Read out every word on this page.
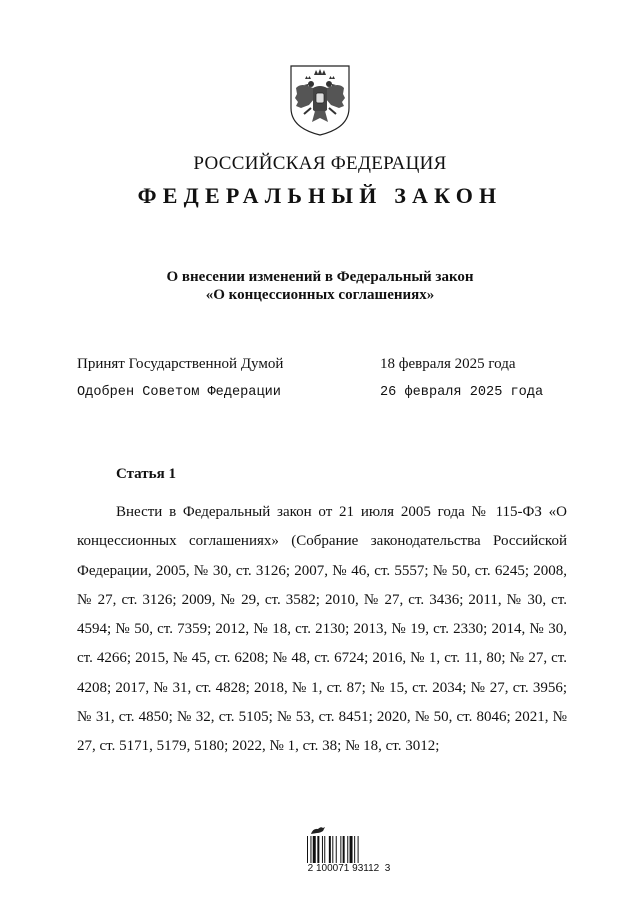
РОССИЙСКАЯ ФЕДЕРАЦИЯ
ФЕДЕРАЛЬНЫЙ ЗАКОН
О внесении изменений в Федеральный закон
«О концессионных соглашениях»
Принят Государственной Думой	18 февраля 2025 года
Одобрен Советом Федерации	26 февраля 2025 года
Статья 1
Внести в Федеральный закон от 21 июля 2005 года № 115-ФЗ «О концессионных соглашениях» (Собрание законодательства Российской Федерации, 2005, № 30, ст. 3126; 2007, № 46, ст. 5557; № 50, ст. 6245; 2008, № 27, ст. 3126; 2009, № 29, ст. 3582; 2010, № 27, ст. 3436; 2011, № 30, ст. 4594; № 50, ст. 7359; 2012, № 18, ст. 2130; 2013, № 19, ст. 2330; 2014, № 30, ст. 4266; 2015, № 45, ст. 6208; № 48, ст. 6724; 2016, № 1, ст. 11, 80; № 27, ст. 4208; 2017, № 31, ст. 4828; 2018, № 1, ст. 87; № 15, ст. 2034; № 27, ст. 3956; № 31, ст. 4850; № 32, ст. 5105; № 53, ст. 8451; 2020, № 50, ст. 8046; 2021, № 27, ст. 5171, 5179, 5180; 2022, № 1, ст. 38; № 18, ст. 3012;
2 100071 93112  3
